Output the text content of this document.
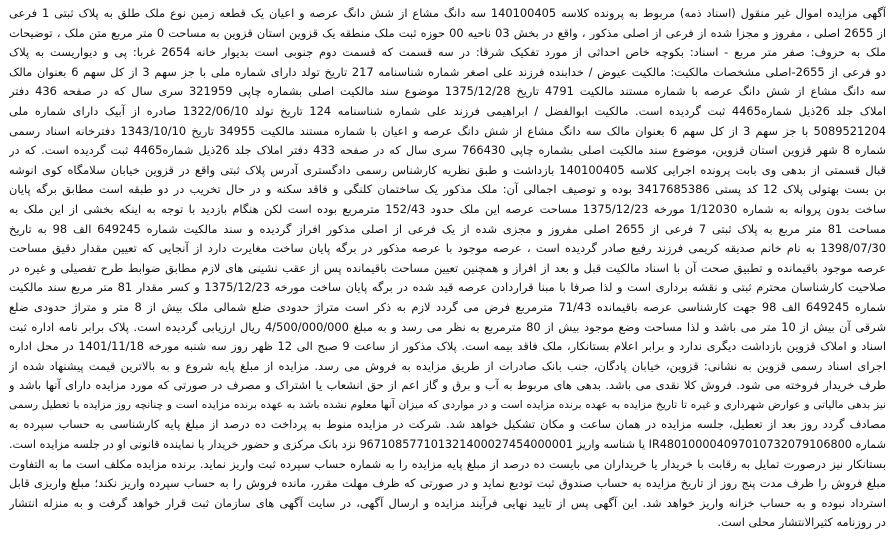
آگهی مزایده اموال غیر منقول (اسناد ذمه) مربوط به پرونده کلاسه 140100405 سه دانگ مشاع از شش دانگ عرصه و اعیان یک قطعه زمین نوع ملک طلق به پلاک ثبتی 1 فرعی
از 2655 اصلی ، مفروز و مجزا شده از فرعی از اصلی مذکور ، واقع در بخش 03 ناحیه 00 حوزه ثبت ملک منطقه یک قزوین استان قزوین به مساحت 0 متر مربع متن ملک ، توضیحات
ملک به حروف: صفر متر مربع - اسناد: بکوچه خاص احداثی از مورد تفکیک شرقا: در سه قسمت که قسمت دوم جنوبی است بدیوار خانه 2654 غربا: پی و دیواریست به پلاک
دو فرعی از 2655-اصلی مشخصات مالکیت: مالکیت عیوض / خدابنده فرزند علی اصغر شماره شناسنامه 217 تاریخ تولد دارای شماره ملی با جز سهم 3 از کل سهم 6 بعنوان مالک
سه دانگ مشاع از شش دانگ عرصه با شماره مستند مالکیت 4791 تاریخ 1375/12/28 موضوع سند مالکیت اصلی بشماره چاپی 321959 سری سال که در صفحه 436 دفتر
املاک جلد 26ذیل شماره4465 ثبت گردیده است. مالکیت ابوالفضل / ابراهیمی فرزند علی شماره شناسنامه 124 تاریخ تولد 1322/06/10 صادره از آبیک دارای شماره ملی
5089521204 با جز سهم 3 از کل سهم 6 بعنوان مالک سه دانگ مشاع از شش دانگ عرصه و اعیان با شماره مستند مالکیت 34955 تاریخ 1343/10/10 دفترخانه اسناد رسمی
شماره 8 شهر قزوین استان قزوین، موضوع سند مالکیت اصلی بشماره چاپی 766430 سری سال که در صفحه 433 دفتر املاک جلد 26ذیل شماره4465 ثبت گردیده است. که در
قبال قسمتی از بدهی وی بابت پرونده اجرایی کلاسه 140100405 بازداشت و طبق نظریه کارشناس رسمی دادگستری آدرس پلاک ثبتی واقع در قزوین خیابان سلامگاه کوی انوشه
بن بست بهتولی پلاک 12 کد پستی 3417685386 بوده و توصیف اجمالی آن: ملک مذکور یک ساختمان کلنگی و فاقد سکنه و در حال تخریب در دو طبقه است مطابق برگه پایان
ساخت بدون پروانه به شماره 1/12030 مورخه 1375/12/23 مساحت عرصه این ملک حدود 152/43 مترمربع بوده است لکن هنگام بازدید با توجه به اینکه بخشی از این ملک به
مساحت 81 متر مربع به پلاک ثبتی 7 فرعی از 2655 اصلی مفروز و مجزی شده از یک فرعی از اصلی مذکور افراز گردیده و سند مالکیت شماره 649245 الف 98 به تاریخ
1398/07/30 به نام خانم صدیقه کریمی فرزند رفیع صادر گردیده است ، عرصه موجود با عرصه مذکور در برگه پایان ساخت مغایرت دارد از آنجایی که تعیین مقدار دقیق مساحت
عرصه موجود باقیمانده و تطبیق صحت آن با اسناد مالکیت قبل و بعد از افراز و همچنین تعیین مساحت باقیمانده پس از عقب نشینی های لازم مطابق ضوابط طرح تفصیلی و غیره در
صلاحیت کارشناسان محترم ثبتی و نقشه برداری است و لذا صرفا با مبنا قراردادن عرصه قید شده در برگه پایان ساخت مورخه 1375/12/23 و کسر مقدار 81 متر مربع سند مالکیت
شماره 649245 الف 98 جهت کارشناسی عرصه باقیمانده 71/43 مترمربع فرض می گردد لازم به ذکر است متراژ حدودی ضلع شمالی ملک بیش از 8 متر و متراژ حدودی ضلع
شرقی آن بیش از 10 متر می باشد و لذا مساحت وضع موجود بیش از 80 مترمربع به نظر می رسد و به مبلغ 4/500/000/000 ریال ارزیابی گردیده است. پلاک برابر نامه اداره ثبت
اسناد و املاک قزوین بازداشت دیگری ندارد و برابر اعلام بستانکار، ملک فاقد بیمه است. پلاک مذکور از ساعت 9 صبح الی 12 ظهر روز سه شنبه مورخه 1401/11/18 در محل اداره
اجرای اسناد رسمی قزوین به نشانی: قزوین، خیابان پادگان، جنب بانک صادرات از طریق مزایده به فروش می رسد. مزایده از مبلغ پایه شروع و به بالاترین قیمت پیشنهاد شده از
طرف خریدار فروخته می شود. فروش کلا نقدی می باشد. بدهی های مربوط به آب و برق و گاز اعم از حق انشعاب یا اشتراک و مصرف در صورتی که مورد مزایده دارای آنها باشد و
نیز بدهی مالیاتی و عوارض شهرداری و غیره تا تاریخ مزایده به عهده برنده مزایده است و در مواردی که میزان آنها معلوم نشده باشد به عهده برنده مزایده است و چنانچه روز مزایده با تعطیل رسمی
مصادف گردد روز بعد از تعطیل، جلسه مزایده در همان ساعت و مکان تشکیل خواهد شد. شرکت در مزایده منوط به پرداخت ده درصد از مبلغ پایه کارشناسی به حساب سپرده به
شماره IR480100004097010732079106800 یا شناسه واریز 967108577101321400027454000001 نزد بانک مرکزی و حضور خریدار یا نماینده قانونی او در جلسه مزایده است.
بستانکار نیز درصورت تمایل به رقابت با خریدار یا خریداران می بایست ده درصد از مبلغ پایه مزایده را به شماره حساب سپرده ثبت واریز نماید. برنده مزایده مکلف است ما به التفاوت
مبلغ فروش را ظرف مدت پنج روز از تاریخ مزایده به حساب صندوق ثبت تودیع نماید و در صورتی که ظرف مهلت مقرر، مانده فروش را به حساب سپرده واریز نکند؛ مبلغ واریزی قابل
استرداد نبوده و به حساب خزانه واریز خواهد شد. این آگهی پس از تایید نهایی فرآیند مزایده و ارسال آگهی، در سایت آگهی های سازمان ثبت قرار خواهد گرفت و به منزله انتشار
در روزنامه کثیرالانتشار محلی است.
